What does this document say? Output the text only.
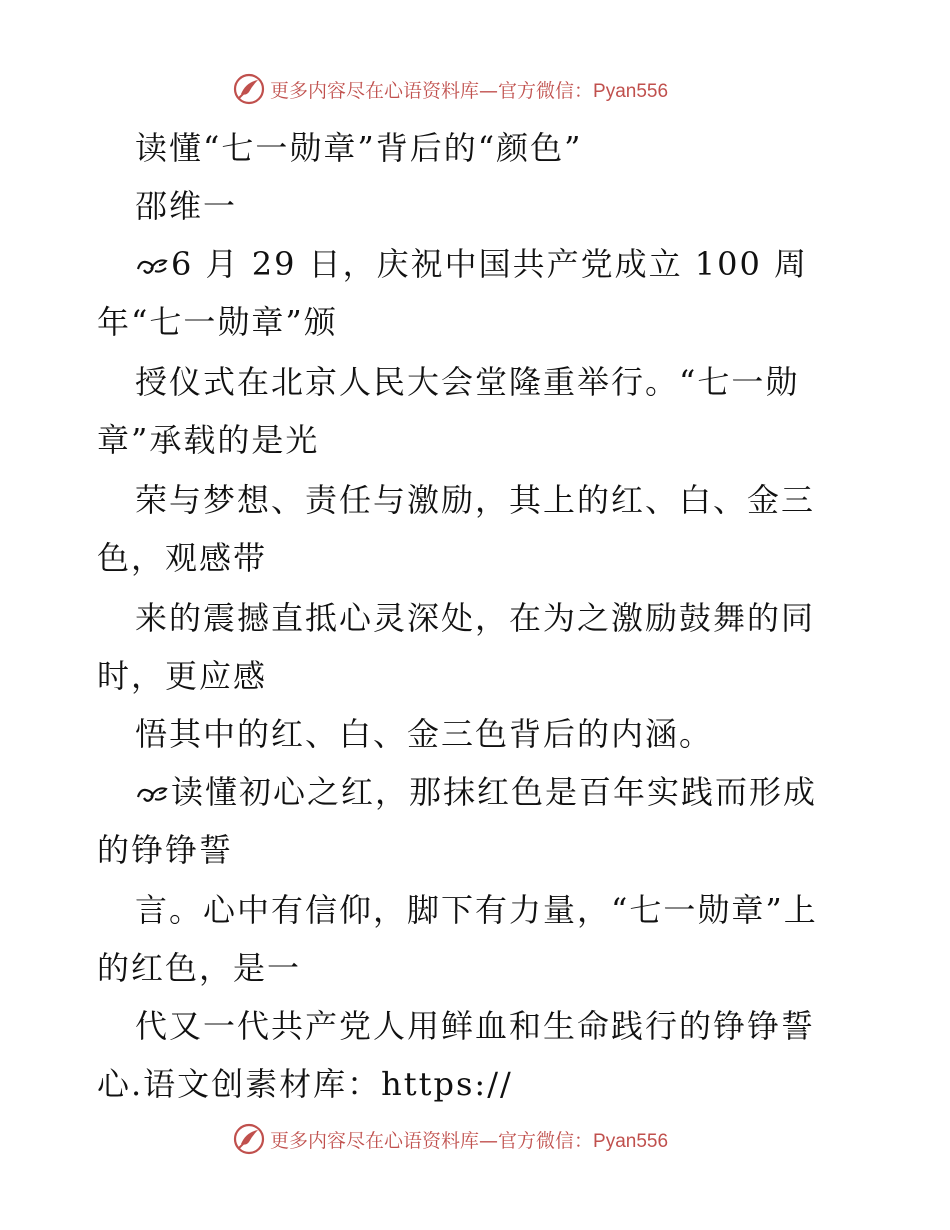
更多内容尽在心语资料库—官方微信：Pyan556
读懂“七一勋章”背后的“颜色”
邵维一
6 月 29 日，庆祝中国共产党成立 100 周
年“七一勋章”颁
授仪式在北京人民大会堂隆重举行。“七一勋
章”承载的是光
荣与梦想、责任与激励，其上的红、白、金三
色，观感带
来的震撼直抵心灵深处，在为之激励鼓舞的同
时，更应感
悟其中的红、白、金三色背后的内涵。
读懂初心之红，那抹红色是百年实践而形成
的铮铮誓
言。心中有信仰，脚下有力量，“七一勋章”上
的红色，是一
代又一代共产党人用鲜血和生命践行的铮铮誓
心.语文创素材库：https://
更多内容尽在心语资料库—官方微信：Pyan556
